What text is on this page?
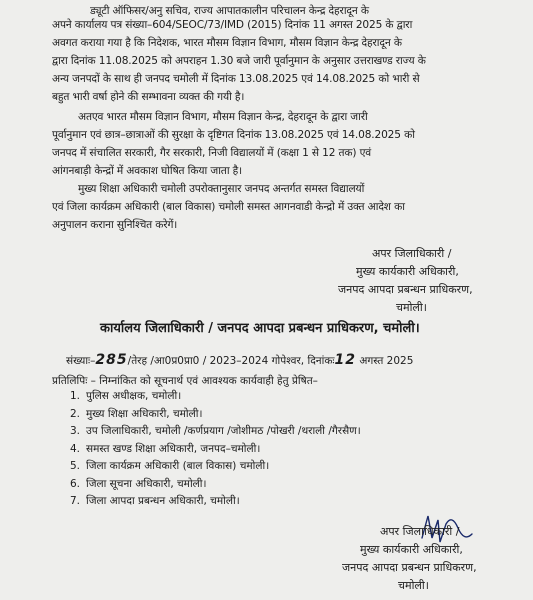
ड्यूटी ऑफिसर/अनु सचिव, राज्य आपातकालीन परिचालन केन्द्र देहरादून के
अपने कार्यालय पत्र संख्या–604/SEOC/73/IMD (2015) दिनांक 11 अगस्त 2025 के द्वारा
अवगत कराया गया है कि निदेशक, भारत मौसम विज्ञान विभाग, मौसम विज्ञान केन्द्र देहरादून के
द्वारा दिनांक 11.08.2025 को अपराहन 1.30 बजे जारी पूर्वानुमान के अनुसार उत्तराखण्ड राज्य के
अन्य जनपदों के साथ ही जनपद चमोली में दिनांक 13.08.2025 एवं 14.08.2025 को भारी से
बहुत भारी वर्षा होने की सम्भावना व्यक्त की गयी है।
अतएव भारत मौसम विज्ञान विभाग, मौसम विज्ञान केन्द्र, देहरादून के द्वारा जारी
पूर्वानुमान एवं छात्र–छात्राओं की सुरक्षा के दृष्टिगत दिनांक 13.08.2025 एवं 14.08.2025 को
जनपद में संचालित सरकारी, गैर सरकारी, निजी विद्यालयों में (कक्षा 1 से 12 तक) एवं
आंगनबाड़ी केन्द्रों में अवकाश घोषित किया जाता है।
मुख्य शिक्षा अधिकारी चमोली उपरोक्तानुसार जनपद अन्तर्गत समस्त विद्यालयों
एवं जिला कार्यक्रम अधिकारी (बाल विकास) चमोली समस्त आगनवाडी केन्द्रो में उक्त आदेश का
अनुपालन कराना सुनिश्चित करेगें।
अपर जिलाधिकारी /
मुख्य कार्यकारी अधिकारी,
जनपद आपदा प्रबन्धन प्राधिकरण,
चमोली।
कार्यालय जिलाधिकारी / जनपद आपदा प्रबन्धन प्राधिकरण, चमोली।
संख्याः–285/तेरह /आ0प्र0प्रा0 / 2023–2024 गोपेश्वर, दिनांकः12 अगस्त 2025
प्रतिलिपिः – निम्नांकित को सूचनार्थ एवं आवश्यक कार्यवाही हेतु प्रेषित–
1. पुलिस अधीक्षक, चमोली।
2. मुख्य शिक्षा अधिकारी, चमोली।
3. उप जिलाधिकारी, चमोली /कर्णप्रयाग /जोशीमठ /पोखरी /थराली /गैरसैण।
4. समस्त खण्ड शिक्षा अधिकारी, जनपद–चमोली।
5. जिला कार्यक्रम अधिकारी (बाल विकास) चमोली।
6. जिला सूचना अधिकारी, चमोली।
7. जिला आपदा प्रबन्धन अधिकारी, चमोली।
अपर जिलाधिकारी /
मुख्य कार्यकारी अधिकारी,
जनपद आपदा प्रबन्धन प्राधिकरण,
चमोली।
